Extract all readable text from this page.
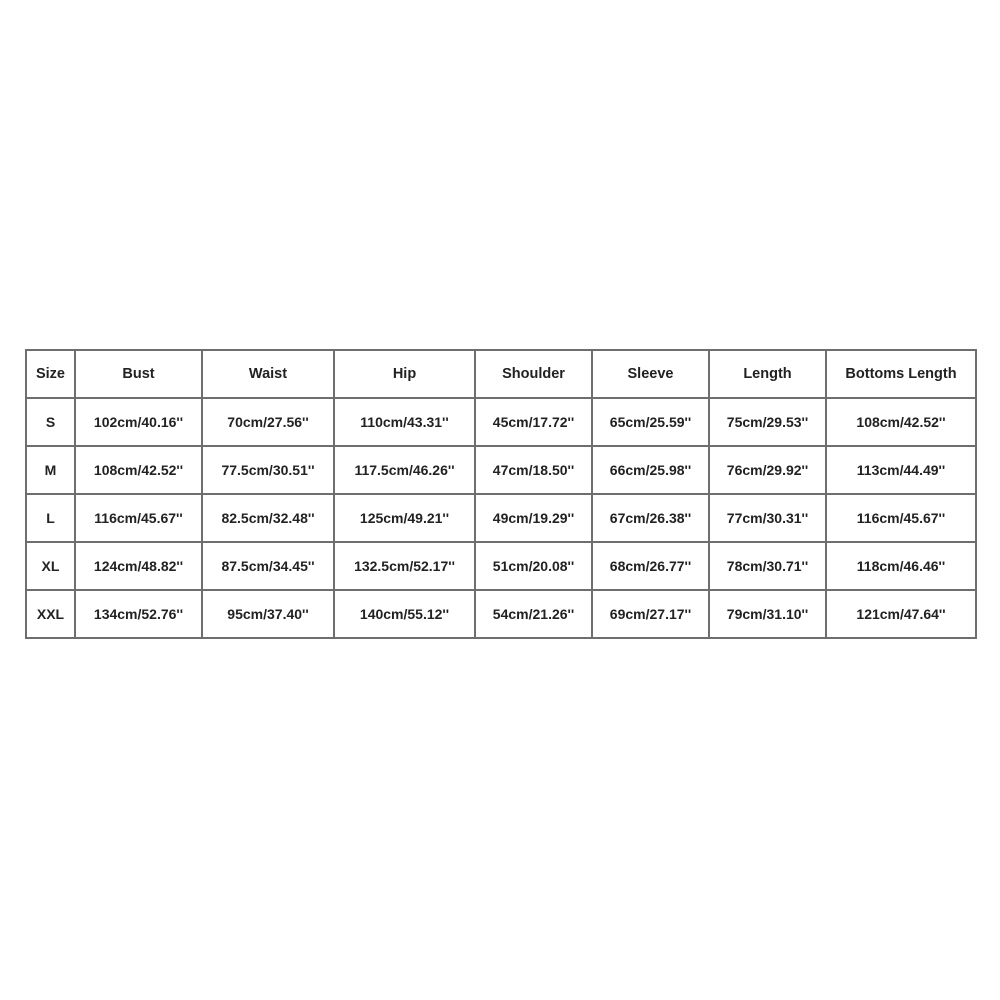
Size	Bust	Waist	Hip	Shoulder	Sleeve	Length	Bottoms Length
S	102cm/40.16''	70cm/27.56''	110cm/43.31''	45cm/17.72''	65cm/25.59''	75cm/29.53''	108cm/42.52''
M	108cm/42.52''	77.5cm/30.51''	117.5cm/46.26''	47cm/18.50''	66cm/25.98''	76cm/29.92''	113cm/44.49''
L	116cm/45.67''	82.5cm/32.48''	125cm/49.21''	49cm/19.29''	67cm/26.38''	77cm/30.31''	116cm/45.67''
XL	124cm/48.82''	87.5cm/34.45''	132.5cm/52.17''	51cm/20.08''	68cm/26.77''	78cm/30.71''	118cm/46.46''
XXL	134cm/52.76''	95cm/37.40''	140cm/55.12''	54cm/21.26''	69cm/27.17''	79cm/31.10''	121cm/47.64''
